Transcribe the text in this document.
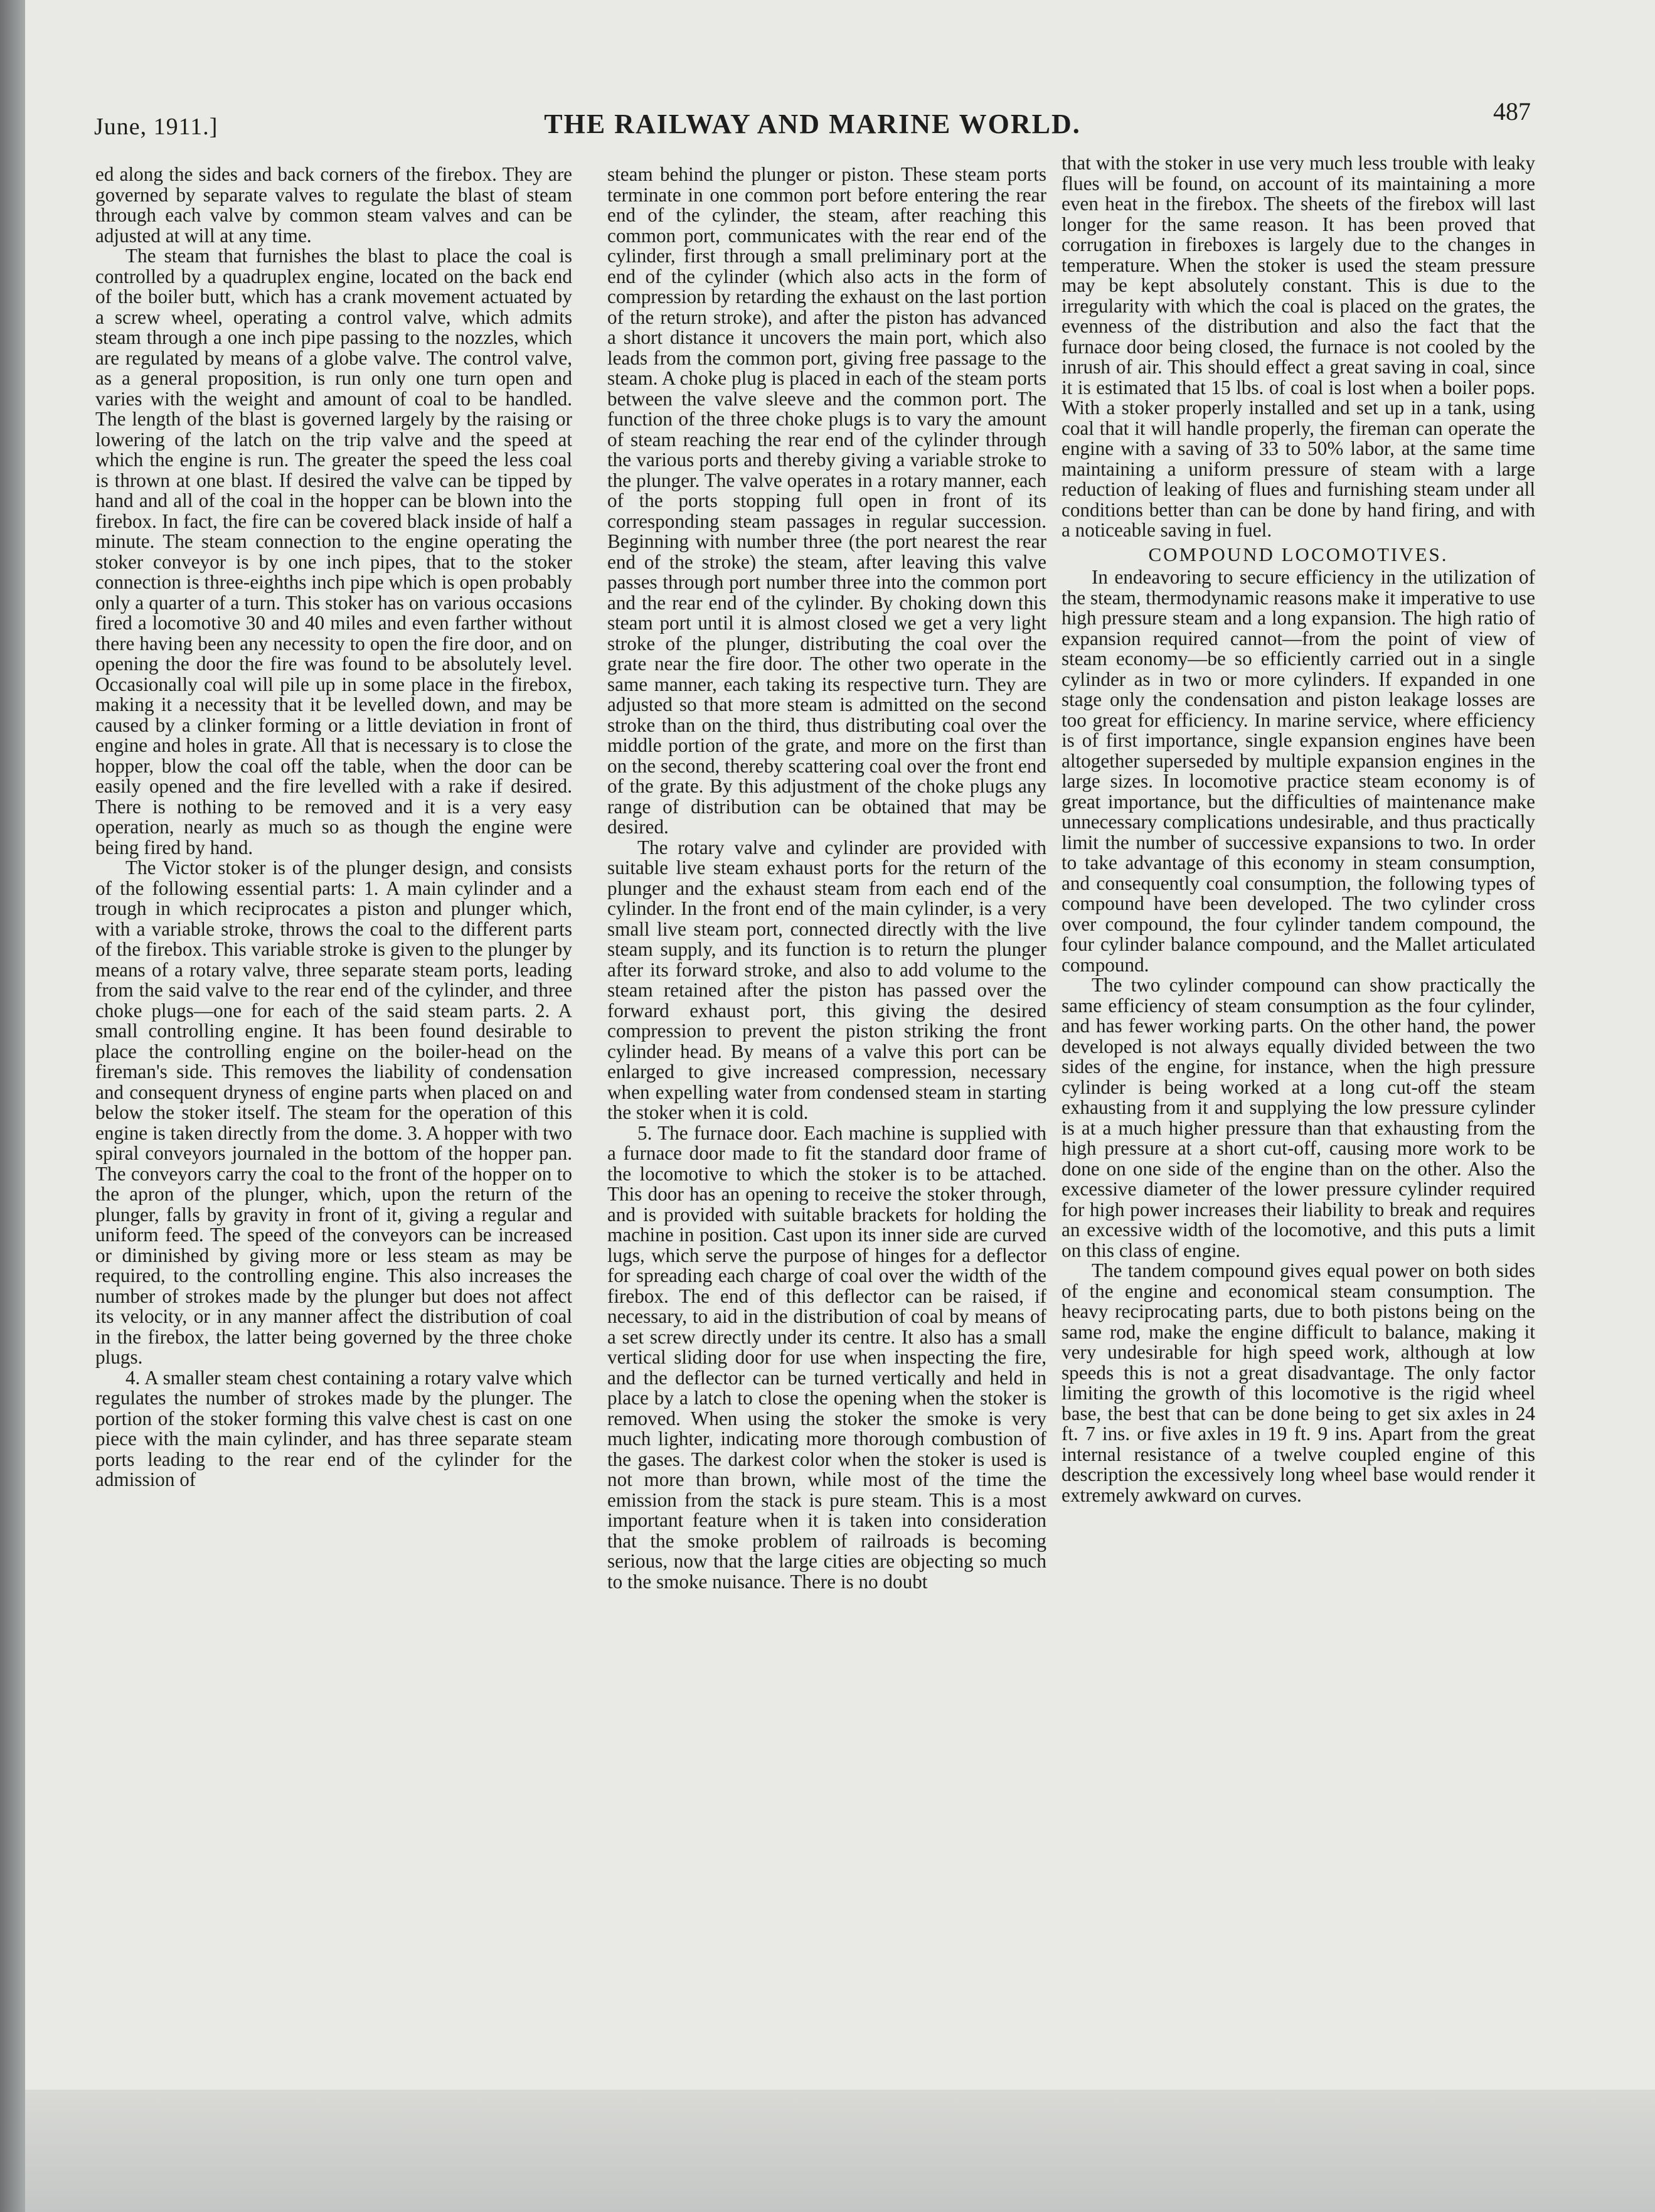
June, 1911.]	THE RAILWAY AND MARINE WORLD.	487

ed along the sides and back corners of the firebox. They are governed by separate valves to regulate the blast of steam through each valve by common steam valves and can be adjusted at will at any time.

The steam that furnishes the blast to place the coal is controlled by a quadruplex engine, located on the back end of the boiler butt, which has a crank movement actuated by a screw wheel, operating a control valve, which admits steam through a one inch pipe passing to the nozzles, which are regulated by means of a globe valve. The control valve, as a general proposition, is run only one turn open and varies with the weight and amount of coal to be handled. The length of the blast is governed largely by the raising or lowering of the latch on the trip valve and the speed at which the engine is run. The greater the speed the less coal is thrown at one blast. If desired the valve can be tipped by hand and all of the coal in the hopper can be blown into the firebox. In fact, the fire can be covered black inside of half a minute. The steam connection to the engine operating the stoker conveyor is by one inch pipes, that to the stoker connection is three-eighths inch pipe which is open probably only a quarter of a turn. This stoker has on various occasions fired a locomotive 30 and 40 miles and even farther without there having been any necessity to open the fire door, and on opening the door the fire was found to be absolutely level. Occasionally coal will pile up in some place in the firebox, making it a necessity that it be levelled down, and may be caused by a clinker forming or a little deviation in front of engine and holes in grate. All that is necessary is to close the hopper, blow the coal off the table, when the door can be easily opened and the fire levelled with a rake if desired. There is nothing to be removed and it is a very easy operation, nearly as much so as though the engine were being fired by hand.

The Victor stoker is of the plunger design, and consists of the following essential parts: 1. A main cylinder and a trough in which reciprocates a piston and plunger which, with a variable stroke, throws the coal to the different parts of the firebox. This variable stroke is given to the plunger by means of a rotary valve, three separate steam ports, leading from the said valve to the rear end of the cylinder, and three choke plugs—one for each of the said steam parts. 2. A small controlling engine. It has been found desirable to place the controlling engine on the boiler-head on the fireman's side. This removes the liability of condensation and consequent dryness of engine parts when placed on and below the stoker itself. The steam for the operation of this engine is taken directly from the dome. 3. A hopper with two spiral conveyors journaled in the bottom of the hopper pan. The conveyors carry the coal to the front of the hopper on to the apron of the plunger, which, upon the return of the plunger, falls by gravity in front of it, giving a regular and uniform feed. The speed of the conveyors can be increased or diminished by giving more or less steam as may be required, to the controlling engine. This also increases the number of strokes made by the plunger but does not affect its velocity, or in any manner affect the distribution of coal in the firebox, the latter being governed by the three choke plugs.

4. A smaller steam chest containing a rotary valve which regulates the number of strokes made by the plunger. The portion of the stoker forming this valve chest is cast on one piece with the main cylinder, and has three separate steam ports leading to the rear end of the cylinder for the admission of

steam behind the plunger or piston. These steam ports terminate in one common port before entering the rear end of the cylinder, the steam, after reaching this common port, communicates with the rear end of the cylinder, first through a small preliminary port at the end of the cylinder (which also acts in the form of compression by retarding the exhaust on the last portion of the return stroke), and after the piston has advanced a short distance it uncovers the main port, which also leads from the common port, giving free passage to the steam. A choke plug is placed in each of the steam ports between the valve sleeve and the common port. The function of the three choke plugs is to vary the amount of steam reaching the rear end of the cylinder through the various ports and thereby giving a variable stroke to the plunger. The valve operates in a rotary manner, each of the ports stopping full open in front of its corresponding steam passages in regular succession. Beginning with number three (the port nearest the rear end of the stroke) the steam, after leaving this valve passes through port number three into the common port and the rear end of the cylinder. By choking down this steam port until it is almost closed we get a very light stroke of the plunger, distributing the coal over the grate near the fire door. The other two operate in the same manner, each taking its respective turn. They are adjusted so that more steam is admitted on the second stroke than on the third, thus distributing coal over the middle portion of the grate, and more on the first than on the second, thereby scattering coal over the front end of the grate. By this adjustment of the choke plugs any range of distribution can be obtained that may be desired.

The rotary valve and cylinder are provided with suitable live steam exhaust ports for the return of the plunger and the exhaust steam from each end of the cylinder. In the front end of the main cylinder, is a very small live steam port, connected directly with the live steam supply, and its function is to return the plunger after its forward stroke, and also to add volume to the steam retained after the piston has passed over the forward exhaust port, this giving the desired compression to prevent the piston striking the front cylinder head. By means of a valve this port can be enlarged to give increased compression, necessary when expelling water from condensed steam in starting the stoker when it is cold.

5. The furnace door. Each machine is supplied with a furnace door made to fit the standard door frame of the locomotive to which the stoker is to be attached. This door has an opening to receive the stoker through, and is provided with suitable brackets for holding the machine in position. Cast upon its inner side are curved lugs, which serve the purpose of hinges for a deflector for spreading each charge of coal over the width of the firebox. The end of this deflector can be raised, if necessary, to aid in the distribution of coal by means of a set screw directly under its centre. It also has a small vertical sliding door for use when inspecting the fire, and the deflector can be turned vertically and held in place by a latch to close the opening when the stoker is removed. When using the stoker the smoke is very much lighter, indicating more thorough combustion of the gases. The darkest color when the stoker is used is not more than brown, while most of the time the emission from the stack is pure steam. This is a most important feature when it is taken into consideration that the smoke problem of railroads is becoming serious, now that the large cities are objecting so much to the smoke nuisance. There is no doubt

that with the stoker in use very much less trouble with leaky flues will be found, on account of its maintaining a more even heat in the firebox. The sheets of the firebox will last longer for the same reason. It has been proved that corrugation in fireboxes is largely due to the changes in temperature. When the stoker is used the steam pressure may be kept absolutely constant. This is due to the irregularity with which the coal is placed on the grates, the evenness of the distribution and also the fact that the furnace door being closed, the furnace is not cooled by the inrush of air. This should effect a great saving in coal, since it is estimated that 15 lbs. of coal is lost when a boiler pops. With a stoker properly installed and set up in a tank, using coal that it will handle properly, the fireman can operate the engine with a saving of 33 to 50% labor, at the same time maintaining a uniform pressure of steam with a large reduction of leaking of flues and furnishing steam under all conditions better than can be done by hand firing, and with a noticeable saving in fuel.

COMPOUND LOCOMOTIVES.

In endeavoring to secure efficiency in the utilization of the steam, thermodynamic reasons make it imperative to use high pressure steam and a long expansion. The high ratio of expansion required cannot—from the point of view of steam economy—be so efficiently carried out in a single cylinder as in two or more cylinders. If expanded in one stage only the condensation and piston leakage losses are too great for efficiency. In marine service, where efficiency is of first importance, single expansion engines have been altogether superseded by multiple expansion engines in the large sizes. In locomotive practice steam economy is of great importance, but the difficulties of maintenance make unnecessary complications undesirable, and thus practically limit the number of successive expansions to two. In order to take advantage of this economy in steam consumption, and consequently coal consumption, the following types of compound have been developed. The two cylinder cross over compound, the four cylinder tandem compound, the four cylinder balance compound, and the Mallet articulated compound.

The two cylinder compound can show practically the same efficiency of steam consumption as the four cylinder, and has fewer working parts. On the other hand, the power developed is not always equally divided between the two sides of the engine, for instance, when the high pressure cylinder is being worked at a long cut-off the steam exhausting from it and supplying the low pressure cylinder is at a much higher pressure than that exhausting from the high pressure at a short cut-off, causing more work to be done on one side of the engine than on the other. Also the excessive diameter of the lower pressure cylinder required for high power increases their liability to break and requires an excessive width of the locomotive, and this puts a limit on this class of engine.

The tandem compound gives equal power on both sides of the engine and economical steam consumption. The heavy reciprocating parts, due to both pistons being on the same rod, make the engine difficult to balance, making it very undesirable for high speed work, although at low speeds this is not a great disadvantage. The only factor limiting the growth of this locomotive is the rigid wheel base, the best that can be done being to get six axles in 24 ft. 7 ins. or five axles in 19 ft. 9 ins. Apart from the great internal resistance of a twelve coupled engine of this description the excessively long wheel base would render it extremely awkward on curves.
